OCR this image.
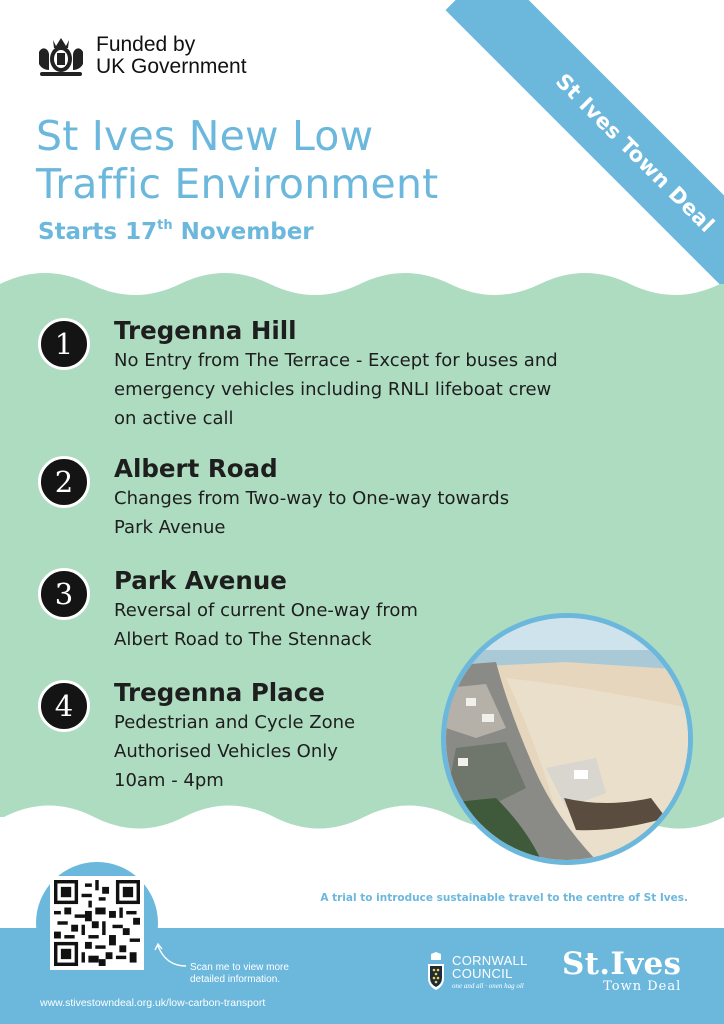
St Ives Town Deal
Funded by
UK Government
St Ives New Low
Traffic Environment
Starts 17th November
1	Tregenna Hill
No Entry from The Terrace - Except for buses and
emergency vehicles including RNLI lifeboat crew
on active call
2	Albert Road
Changes from Two-way to One-way towards
Park Avenue
3	Park Avenue
Reversal of current One-way from
Albert Road to The Stennack
4	Tregenna Place
Pedestrian and Cycle Zone
Authorised Vehicles Only
10am - 4pm
A trial to introduce sustainable travel to the centre of St Ives.
Scan me to view more
detailed information.
www.stivestowndeal.org.uk/low-carbon-transport
CORNWALL
COUNCIL
one and all · onen hag oll
St.Ives
Town Deal
